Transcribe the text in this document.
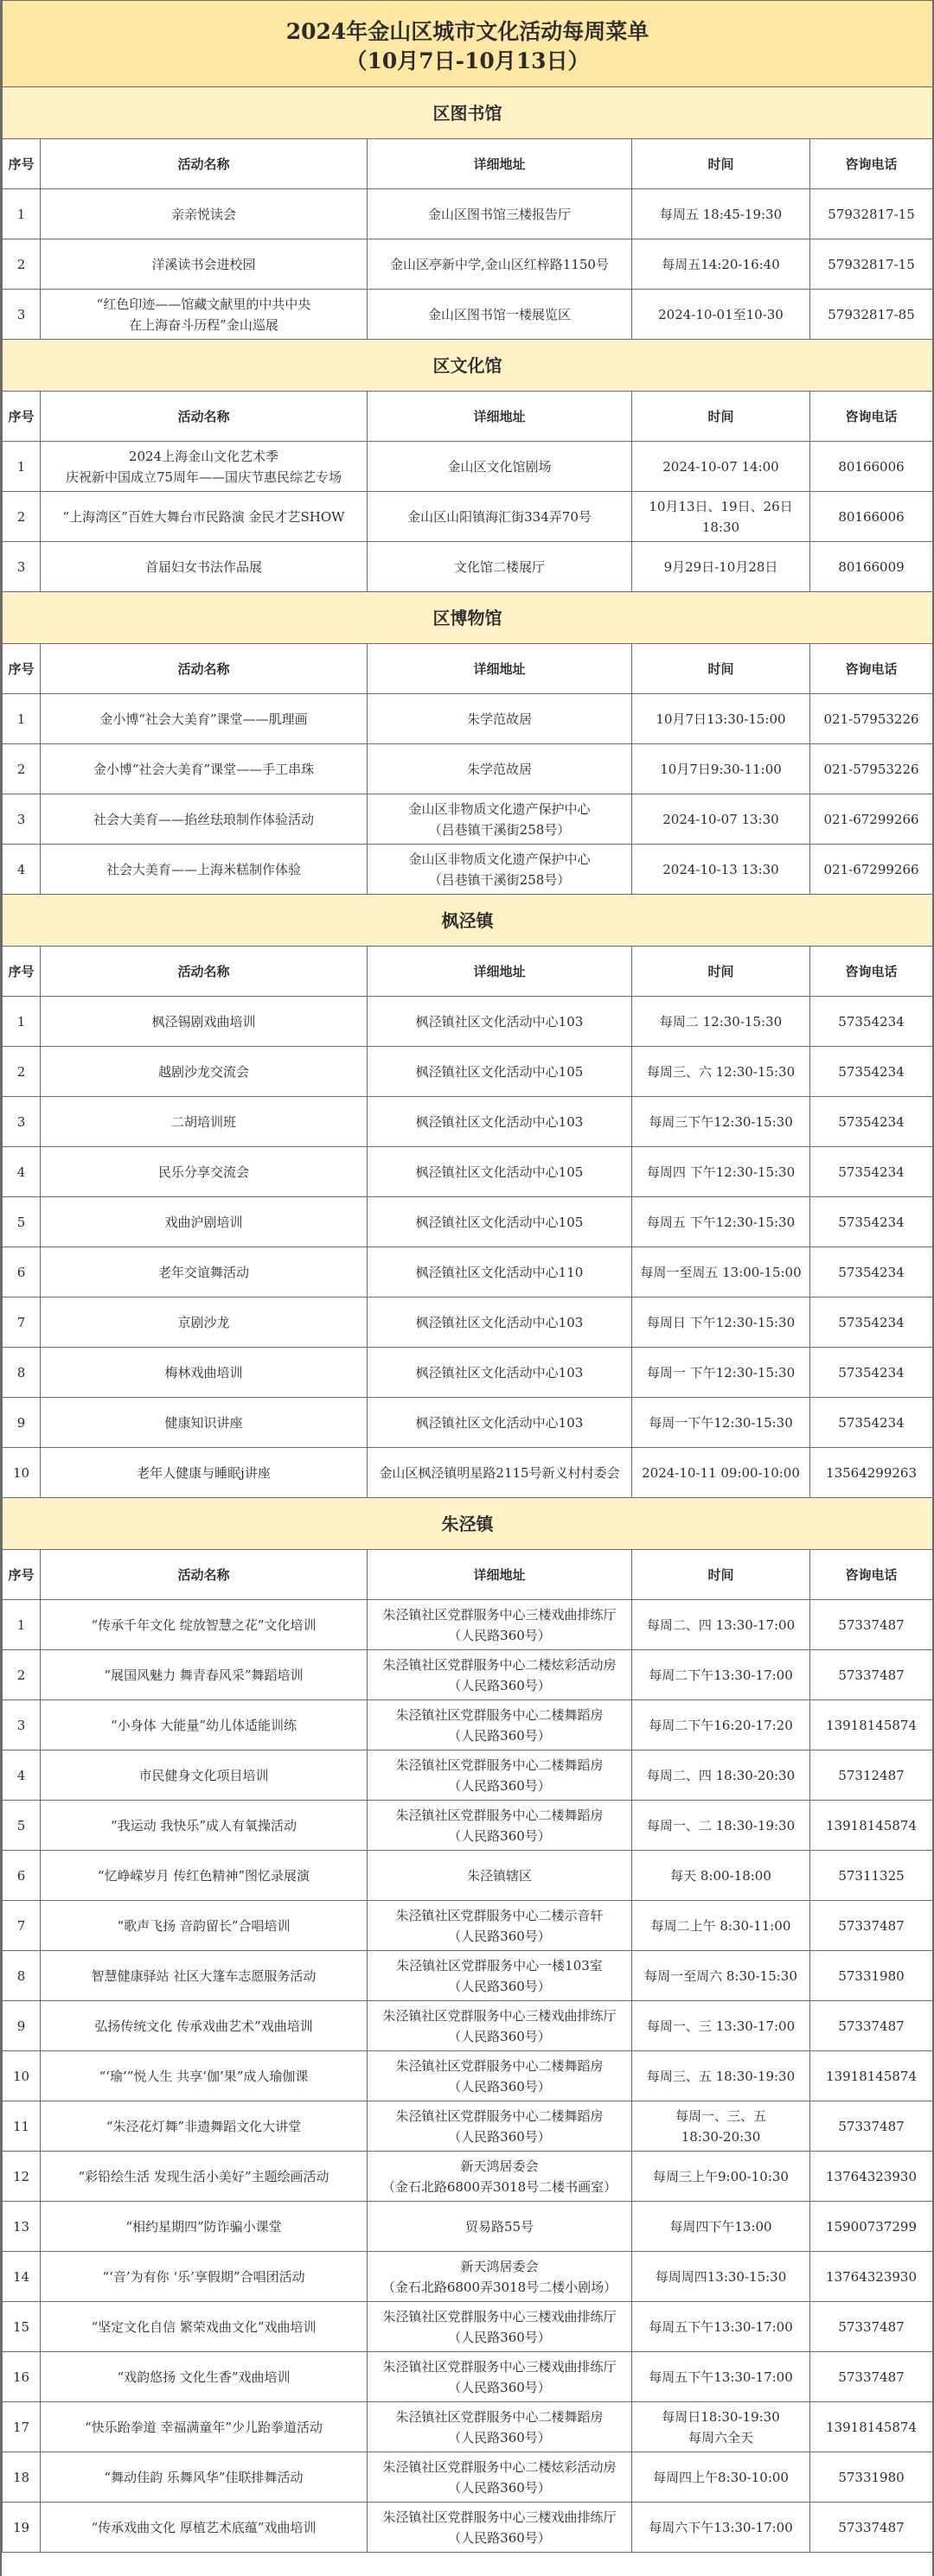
2024年金山区城市文化活动每周菜单
（10月7日-10月13日）				

区图书馆				
序号	活动名称	详细地址	时间	咨询电话
1	亲亲悦读会	金山区图书馆三楼报告厅	每周五 18:45-19:30	57932817-15
2	洋溪读书会进校园	金山区亭新中学,金山区红梓路1150号	每周五14:20-16:40	57932817-15
3	“红色印迹——馆藏文献里的中共中央
在上海奋斗历程”金山巡展	金山区图书馆一楼展览区	2024-10-01至10-30	57932817-85
区文化馆				
序号	活动名称	详细地址	时间	咨询电话
1	2024上海金山文化艺术季
庆祝新中国成立75周年——国庆节惠民综艺专场	金山区文化馆剧场	2024-10-07 14:00	80166006
2	“上海湾区”百姓大舞台市民路演 金民才艺SHOW	金山区山阳镇海汇街334弄70号	10月13日、19日、26日
18:30	80166006
3	首届妇女书法作品展	文化馆二楼展厅	9月29日-10月28日	80166009
区博物馆				
序号	活动名称	详细地址	时间	咨询电话
1	金小博“社会大美育”课堂——肌理画	朱学范故居	10月7日13:30-15:00	021-57953226
2	金小博“社会大美育”课堂——手工串珠	朱学范故居	10月7日9:30-11:00	021-57953226
3	社会大美育——掐丝珐琅制作体验活动	金山区非物质文化遗产保护中心
（吕巷镇干溪街258号）	2024-10-07 13:30	021-67299266
4	社会大美育——上海米糕制作体验	金山区非物质文化遗产保护中心
（吕巷镇干溪街258号）	2024-10-13 13:30	021-67299266
枫泾镇				
序号	活动名称	详细地址	时间	咨询电话
1	枫泾锡剧戏曲培训	枫泾镇社区文化活动中心103	每周二 12:30-15:30	57354234
2	越剧沙龙交流会	枫泾镇社区文化活动中心105	每周三、六 12:30-15:30	57354234
3	二胡培训班	枫泾镇社区文化活动中心103	每周三下午12:30-15:30	57354234
4	民乐分享交流会	枫泾镇社区文化活动中心105	每周四 下午12:30-15:30	57354234
5	戏曲沪剧培训	枫泾镇社区文化活动中心105	每周五 下午12:30-15:30	57354234
6	老年交谊舞活动	枫泾镇社区文化活动中心110	每周一至周五 13:00-15:00	57354234
7	京剧沙龙	枫泾镇社区文化活动中心103	每周日 下午12:30-15:30	57354234
8	梅林戏曲培训	枫泾镇社区文化活动中心103	每周一 下午12:30-15:30	57354234
9	健康知识讲座	枫泾镇社区文化活动中心103	每周一下午12:30-15:30	57354234
10	老年人健康与睡眠j讲座	金山区枫泾镇明星路2115号新义村村委会	2024-10-11 09:00-10:00	13564299263
朱泾镇				
序号	活动名称	详细地址	时间	咨询电话
1	“传承千年文化 绽放智慧之花”文化培训	朱泾镇社区党群服务中心三楼戏曲排练厅
（人民路360号）	每周二、四 13:30-17:00	57337487
2	“展国风魅力 舞青春风采”舞蹈培训	朱泾镇社区党群服务中心二楼炫彩活动房
（人民路360号）	每周二下午13:30-17:00	57337487
3	“小身体 大能量”幼儿体适能训练	朱泾镇社区党群服务中心二楼舞蹈房
（人民路360号）	每周二下午16:20-17:20	13918145874
4	市民健身文化项目培训	朱泾镇社区党群服务中心二楼舞蹈房
（人民路360号）	每周二、四 18:30-20:30	57312487
5	“我运动 我快乐”成人有氧操活动	朱泾镇社区党群服务中心二楼舞蹈房
（人民路360号）	每周一、二 18:30-19:30	13918145874
6	“忆峥嵘岁月 传红色精神”图忆录展演	朱泾镇辖区	每天 8:00-18:00	57311325
7	“歌声飞扬 音韵留长”合唱培训	朱泾镇社区党群服务中心二楼示音轩
（人民路360号）	每周二上午 8:30-11:00	57337487
8	智慧健康驿站 社区大篷车志愿服务活动	朱泾镇社区党群服务中心一楼103室
（人民路360号）	每周一至周六 8:30-15:30	57331980
9	弘扬传统文化 传承戏曲艺术”戏曲培训	朱泾镇社区党群服务中心三楼戏曲排练厅
（人民路360号）	每周一、三 13:30-17:00	57337487
10	“‘瑜’”悦人生 共享‘伽’果”成人瑜伽课	朱泾镇社区党群服务中心二楼舞蹈房
（人民路360号）	每周三、五 18:30-19:30	13918145874
11	“朱泾花灯舞”非遗舞蹈文化大讲堂	朱泾镇社区党群服务中心二楼舞蹈房
（人民路360号）	每周一、三、五
18:30-20:30	57337487
12	“彩铅绘生活 发现生活小美好”主题绘画活动	新天鸿居委会
（金石北路6800弄3018号二楼书画室）	每周三上午9:00-10:30	13764323930
13	“相约星期四”防诈骗小课堂	贸易路55号	每周四下午13:00	15900737299
14	“‘音’为有你 ‘乐’享假期”合唱团活动	新天鸿居委会
（金石北路6800弄3018号二楼小剧场）	每周周四13:30-15:30	13764323930
15	“坚定文化自信 繁荣戏曲文化”戏曲培训	朱泾镇社区党群服务中心三楼戏曲排练厅
（人民路360号）	每周五下午13:30-17:00	57337487
16	“戏韵悠扬 文化生香”戏曲培训	朱泾镇社区党群服务中心三楼戏曲排练厅
（人民路360号）	每周五下午13:30-17:00	57337487
17	“快乐跆拳道 幸福满童年”少儿跆拳道活动	朱泾镇社区党群服务中心二楼舞蹈房
（人民路360号）	每周日18:30-19:30
每周六全天	13918145874
18	“舞动佳韵 乐舞风华”佳联排舞活动	朱泾镇社区党群服务中心二楼炫彩活动房
（人民路360号）	每周四上午8:30-10:00	57331980
19	“传承戏曲文化 厚植艺术底蕴”戏曲培训	朱泾镇社区党群服务中心三楼戏曲排练厅
（人民路360号）	每周六下午13:30-17:00	57337487
